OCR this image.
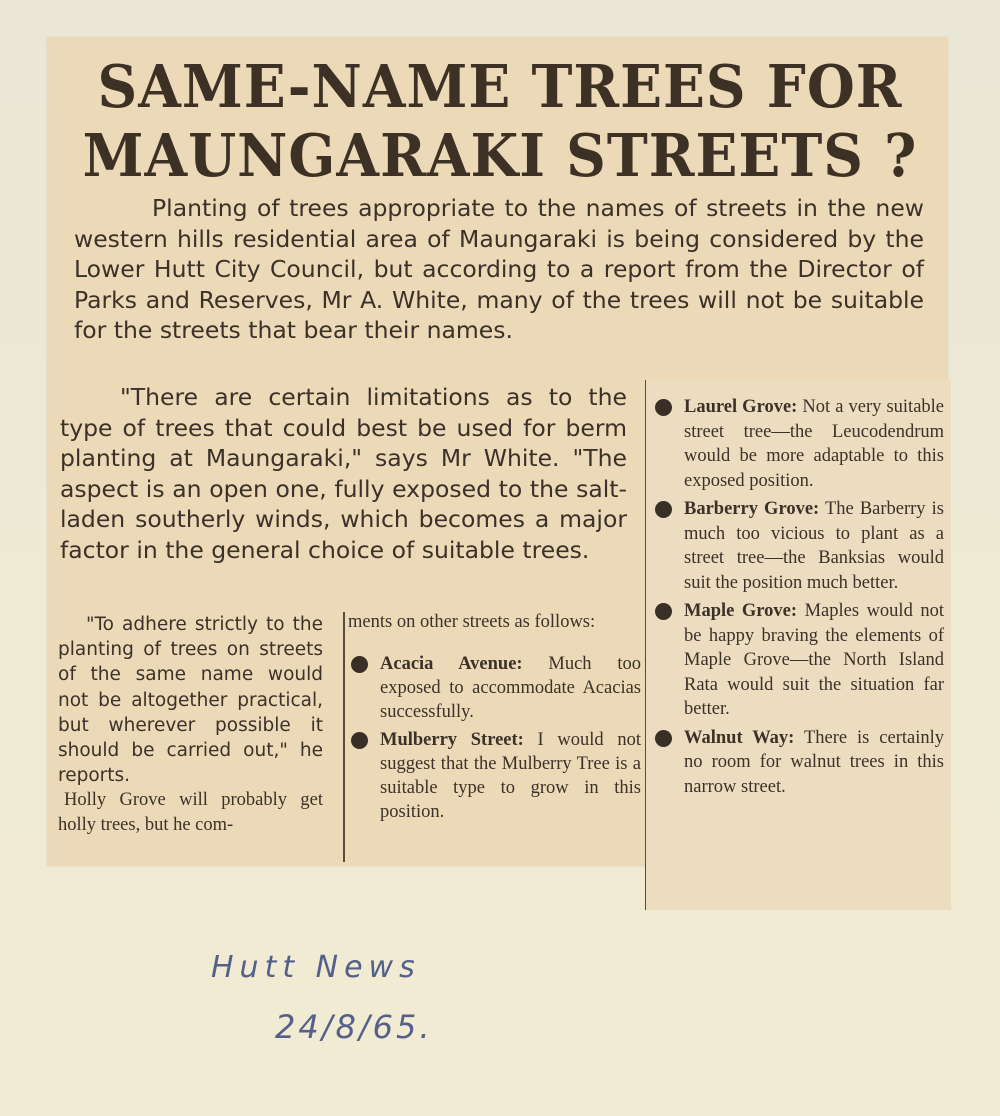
SAME-NAME TREES FOR
MAUNGARAKI STREETS ?
Planting of trees appropriate to the names of streets in the new western hills residential area of Maungaraki is being considered by the Lower Hutt City Council, but according to a report from the Director of Parks and Reserves, Mr A. White, many of the trees will not be suitable for the streets that bear their names.
"There are certain limitations as to the type of trees that could best be used for berm planting at Maungaraki," says Mr White. "The aspect is an open one, fully exposed to the salt-laden southerly winds, which becomes a major factor in the general choice of suitable trees.
"To adhere strictly to the planting of trees on streets of the same name would not be altogether practical, but wherever possible it should be carried out," he reports.
Holly Grove will probably get holly trees, but he com-
ments on other streets as follows:
Acacia Avenue: Much too exposed to accommodate Acacias successfully.
Mulberry Street: I would not suggest that the Mulberry Tree is a suitable type to grow in this position.
Laurel Grove: Not a very suitable street tree—the Leucodendrum would be more adaptable to this exposed position.
Barberry Grove: The Barberry is much too vicious to plant as a street tree—the Banksias would suit the position much better.
Maple Grove: Maples would not be happy braving the elements of Maple Grove—the North Island Rata would suit the situation far better.
Walnut Way: There is certainly no room for walnut trees in this narrow street.
Hutt News
24/8/65.
